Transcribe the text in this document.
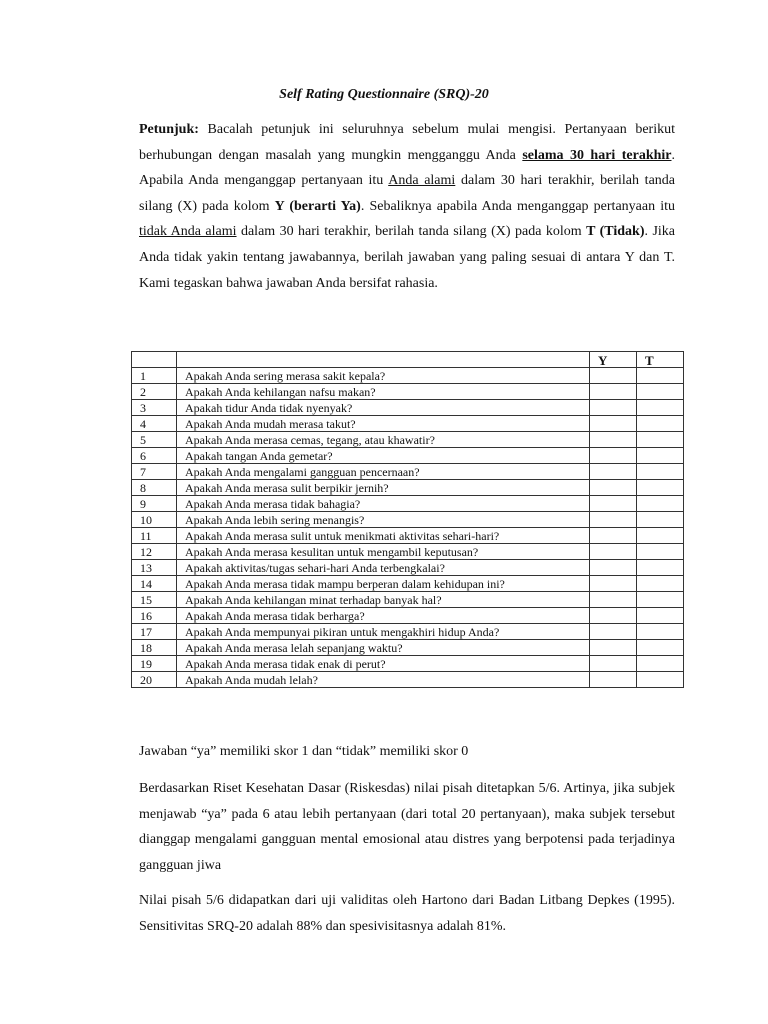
Self Rating Questionnaire (SRQ)-20

Petunjuk: Bacalah petunjuk ini seluruhnya sebelum mulai mengisi. Pertanyaan berikut berhubungan dengan masalah yang mungkin mengganggu Anda selama 30 hari terakhir. Apabila Anda menganggap pertanyaan itu Anda alami dalam 30 hari terakhir, berilah tanda silang (X) pada kolom Y (berarti Ya). Sebaliknya apabila Anda menganggap pertanyaan itu tidak Anda alami dalam 30 hari terakhir, berilah tanda silang (X) pada kolom T (Tidak). Jika Anda tidak yakin tentang jawabannya, berilah jawaban yang paling sesuai di antara Y dan T. Kami tegaskan bahwa jawaban Anda bersifat rahasia.

		Y	T
1	Apakah Anda sering merasa sakit kepala?		
2	Apakah Anda kehilangan nafsu makan?		
3	Apakah tidur Anda tidak nyenyak?		
4	Apakah Anda mudah merasa takut?		
5	Apakah Anda merasa cemas, tegang, atau khawatir?		
6	Apakah tangan Anda gemetar?		
7	Apakah Anda mengalami gangguan pencernaan?		
8	Apakah Anda merasa sulit berpikir jernih?		
9	Apakah Anda merasa tidak bahagia?		
10	Apakah Anda lebih sering menangis?		
11	Apakah Anda merasa sulit untuk menikmati aktivitas sehari-hari?		
12	Apakah Anda merasa kesulitan untuk mengambil keputusan?		
13	Apakah aktivitas/tugas sehari-hari Anda terbengkalai?		
14	Apakah Anda merasa tidak mampu berperan dalam kehidupan ini?		
15	Apakah Anda kehilangan minat terhadap banyak hal?		
16	Apakah Anda merasa tidak berharga?		
17	Apakah Anda mempunyai pikiran untuk mengakhiri hidup Anda?		
18	Apakah Anda merasa lelah sepanjang waktu?		
19	Apakah Anda merasa tidak enak di perut?		
20	Apakah Anda mudah lelah?		

Jawaban “ya” memiliki skor 1 dan “tidak” memiliki skor 0

Berdasarkan Riset Kesehatan Dasar (Riskesdas) nilai pisah ditetapkan 5/6. Artinya, jika subjek menjawab “ya” pada 6 atau lebih pertanyaan (dari total 20 pertanyaan), maka subjek tersebut dianggap mengalami gangguan mental emosional atau distres yang berpotensi pada terjadinya gangguan jiwa

Nilai pisah 5/6 didapatkan dari uji validitas oleh Hartono dari Badan Litbang Depkes (1995). Sensitivitas SRQ-20 adalah 88% dan spesivisitasnya adalah 81%.
